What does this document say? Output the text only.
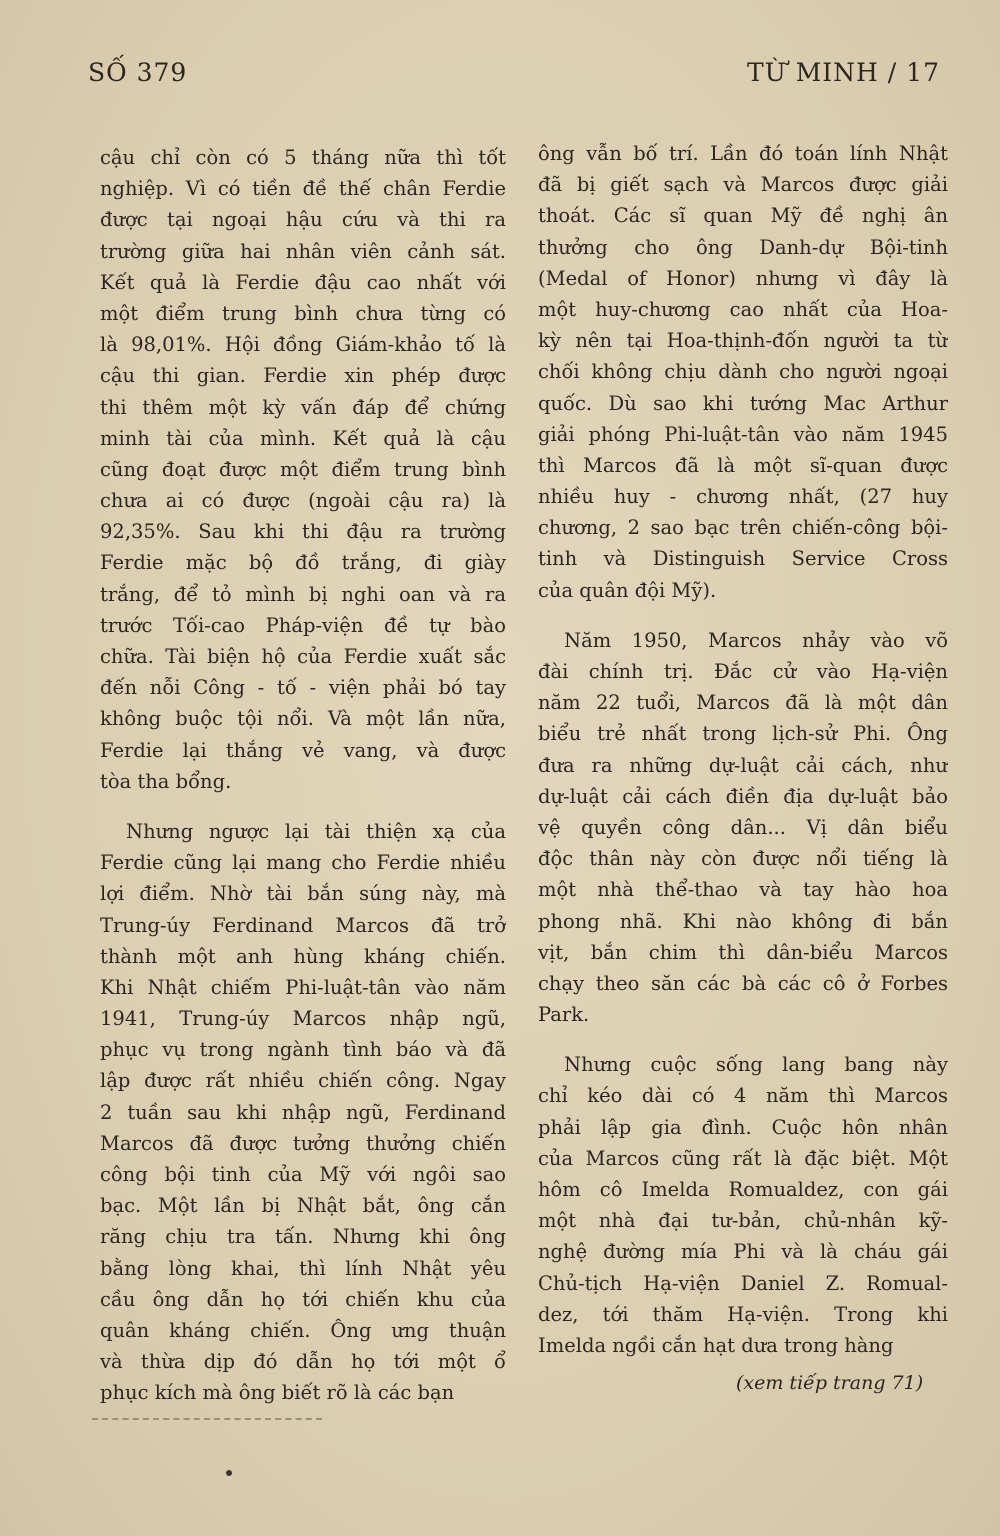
SỐ 379	TỪ MINH / 17
cậu chỉ còn có 5 tháng nữa thì tốt
nghiệp. Vì có tiền đề thế chân Ferdie
được tại ngoại hậu cứu và thi ra
trường giữa hai nhân viên cảnh sát.
Kết quả là Ferdie đậu cao nhất với
một điểm trung bình chưa từng có
là 98,01%. Hội đồng Giám-khảo tố là
cậu thi gian. Ferdie xin phép được
thi thêm một kỳ vấn đáp để chứng
minh tài của mình. Kết quả là cậu
cũng đoạt được một điểm trung bình
chưa ai có được (ngoài cậu ra) là
92,35%. Sau khi thi đậu ra trường
Ferdie mặc bộ đồ trắng, đi giày
trắng, để tỏ mình bị nghi oan và ra
trước Tối-cao Pháp-viện đề tự bào
chữa. Tài biện hộ của Ferdie xuất sắc
đến nỗi Công - tố - viện phải bó tay
không buộc tội nổi. Và một lần nữa,
Ferdie lại thắng vẻ vang, và được
tòa tha bổng.
Nhưng ngược lại tài thiện xạ của
Ferdie cũng lại mang cho Ferdie nhiều
lợi điểm. Nhờ tài bắn súng này, mà
Trung-úy Ferdinand Marcos đã trở
thành một anh hùng kháng chiến.
Khi Nhật chiếm Phi-luật-tân vào năm
1941, Trung-úy Marcos nhập ngũ,
phục vụ trong ngành tình báo và đã
lập được rất nhiều chiến công. Ngay
2 tuần sau khi nhập ngũ, Ferdinand
Marcos đã được tưởng thưởng chiến
công bội tinh của Mỹ với ngôi sao
bạc. Một lần bị Nhật bắt, ông cắn
răng chịu tra tấn. Nhưng khi ông
bằng lòng khai, thì lính Nhật yêu
cầu ông dẫn họ tới chiến khu của
quân kháng chiến. Ông ưng thuận
và thừa dịp đó dẫn họ tới một ổ
phục kích mà ông biết rõ là các bạn
ông vẫn bố trí. Lần đó toán lính Nhật
đã bị giết sạch và Marcos được giải
thoát. Các sĩ quan Mỹ đề nghị ân
thưởng cho ông Danh-dự Bội-tinh
(Medal of Honor) nhưng vì đây là
một huy-chương cao nhất của Hoa-
kỳ nên tại Hoa-thịnh-đốn người ta từ
chối không chịu dành cho người ngoại
quốc. Dù sao khi tướng Mac Arthur
giải phóng Phi-luật-tân vào năm 1945
thì Marcos đã là một sĩ-quan được
nhiều huy - chương nhất, (27 huy
chương, 2 sao bạc trên chiến-công bội-
tinh và Distinguish Service Cross
của quân đội Mỹ).
Năm 1950, Marcos nhảy vào võ
đài chính trị. Đắc cử vào Hạ-viện
năm 22 tuổi, Marcos đã là một dân
biểu trẻ nhất trong lịch-sử Phi. Ông
đưa ra những dự-luật cải cách, như
dự-luật cải cách điền địa dự-luật bảo
vệ quyền công dân... Vị dân biểu
độc thân này còn được nổi tiếng là
một nhà thể-thao và tay hào hoa
phong nhã. Khi nào không đi bắn
vịt, bắn chim thì dân-biểu Marcos
chạy theo săn các bà các cô ở Forbes
Park.
Nhưng cuộc sống lang bang này
chỉ kéo dài có 4 năm thì Marcos
phải lập gia đình. Cuộc hôn nhân
của Marcos cũng rất là đặc biệt. Một
hôm cô Imelda Romualdez, con gái
một nhà đại tư-bản, chủ-nhân kỹ-
nghệ đường mía Phi và là cháu gái
Chủ-tịch Hạ-viện Daniel Z. Romual-
dez, tới thăm Hạ-viện. Trong khi
Imelda ngồi cắn hạt dưa trong hàng
(xem tiếp trang 71)
